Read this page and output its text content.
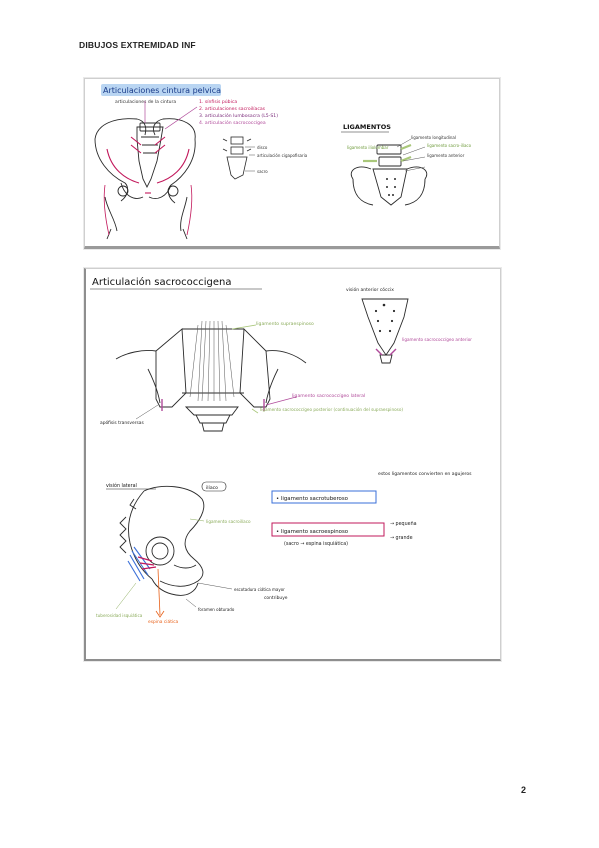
DIBUJOS EXTREMIDAD INF
Articulaciones cintura pelvica
articulaciones de la cintura	1. sínfisis púbica
2. articulaciones sacroilíacas
3. articulación lumbosacra (L5-S1)
4. articulación sacrococcígea
disco
articulación cigapofisaria
sacro
LIGAMENTOS
ligamento iliolumbar
ligamento longitudinal
ligamento sacro-ilíaco
ligamento anterior
Articulación sacrococcigena
visión anterior cóccix
ligamento sacrococcígeo anterior
ligamento supraespinoso
ligamento sacrococcígeo lateral
ligamento sacrococcígeo posterior (continuación del supraespinoso)
apófisis transversas
visión lateral	ilíaco
espina ciática
tuberosidad isquiática
ligamento sacroilíaco
escotadura ciática mayor
foramen obturado
contribuye
• ligamento sacrotuberoso
• ligamento sacroespinoso
(sacro → espina isquiática)
→ pequeña
→ grande
estos ligamentos convierten en agujeros
2
